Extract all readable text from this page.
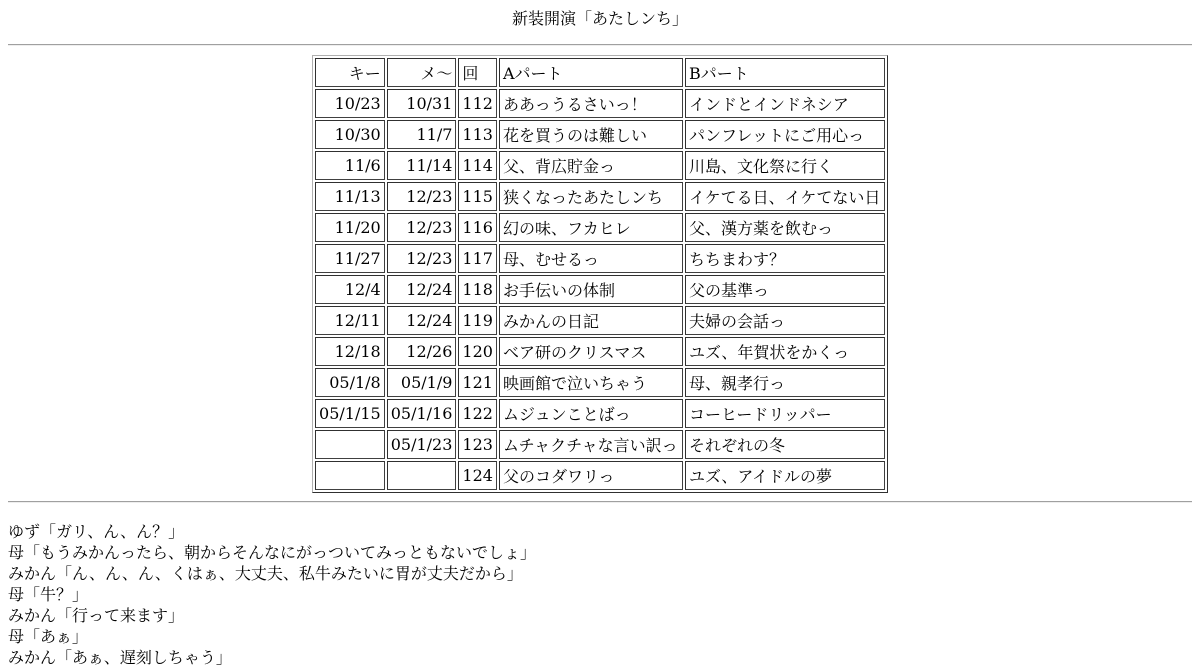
新装開演「あたしンち」
キー	メ～	回	Aパート	Bパート
10/23	10/31	112	ああっうるさいっ！	インドとインドネシア
10/30	11/7	113	花を買うのは難しい	パンフレットにご用心っ
11/6	11/14	114	父、背広貯金っ	川島、文化祭に行く
11/13	12/23	115	狭くなったあたしンち	イケてる日、イケてない日
11/20	12/23	116	幻の味、フカヒレ	父、漢方薬を飲むっ
11/27	12/23	117	母、むせるっ	ちちまわす？
12/4	12/24	118	お手伝いの体制	父の基準っ
12/11	12/24	119	みかんの日記	夫婦の会話っ
12/18	12/26	120	ベア研のクリスマス	ユズ、年賀状をかくっ
05/1/8	05/1/9	121	映画館で泣いちゃう	母、親孝行っ
05/1/15	05/1/16	122	ムジュンことばっ	コーヒードリッパー
	05/1/23	123	ムチャクチャな言い訳っ	それぞれの冬
		124	父のコダワリっ	ユズ、アイドルの夢
ゆず「ガリ、ん、ん？」
母「もうみかんったら、朝からそんなにがっついてみっともないでしょ」
みかん「ん、ん、ん、くはぁ、大丈夫、私牛みたいに胃が丈夫だから」
母「牛？」
みかん「行って来ます」
母「あぁ」
みかん「あぁ、遅刻しちゃう」
